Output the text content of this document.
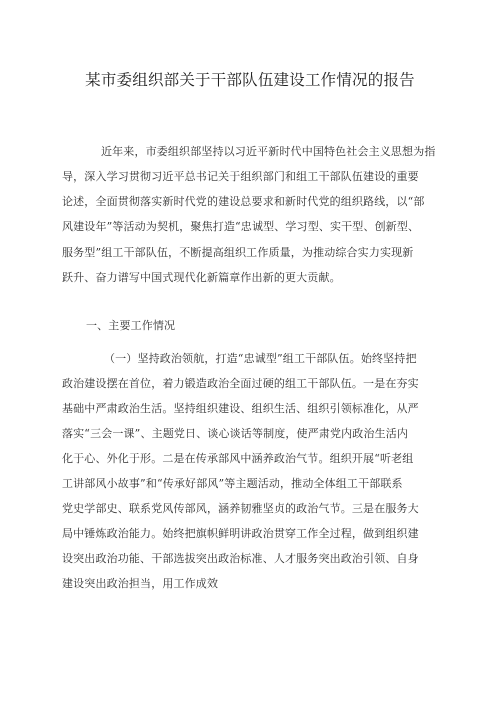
某市委组织部关于干部队伍建设工作情况的报告
近年来，市委组织部坚持以习近平新时代中国特色社会主义思想为指
导，深入学习贯彻习近平总书记关于组织部门和组工干部队伍建设的重要
论述，全面贯彻落实新时代党的建设总要求和新时代党的组织路线，以“部
风建设年”等活动为契机，聚焦打造“忠诚型、学习型、实干型、创新型、
服务型”组工干部队伍，不断提高组织工作质量，为推动综合实力实现新
跃升、奋力谱写中国式现代化新篇章作出新的更大贡献。
一、主要工作情况
（一）坚持政治领航，打造“忠诚型”组工干部队伍。始终坚持把
政治建设摆在首位，着力锻造政治全面过硬的组工干部队伍。一是在夯实
基础中严肃政治生活。坚持组织建设、组织生活、组织引领标准化，从严
落实“三会一课”、主题党日、谈心谈话等制度，使严肃党内政治生活内
化于心、外化于形。二是在传承部风中涵养政治气节。组织开展“听老组
工讲部风小故事”和“传承好部风”等主题活动，推动全体组工干部联系
党史学部史、联系党风传部风，涵养韧雅坚贞的政治气节。三是在服务大
局中锤炼政治能力。始终把旗帜鲜明讲政治贯穿工作全过程，做到组织建
设突出政治功能、干部选拔突出政治标准、人才服务突出政治引领、自身
建设突出政治担当，用工作成效
